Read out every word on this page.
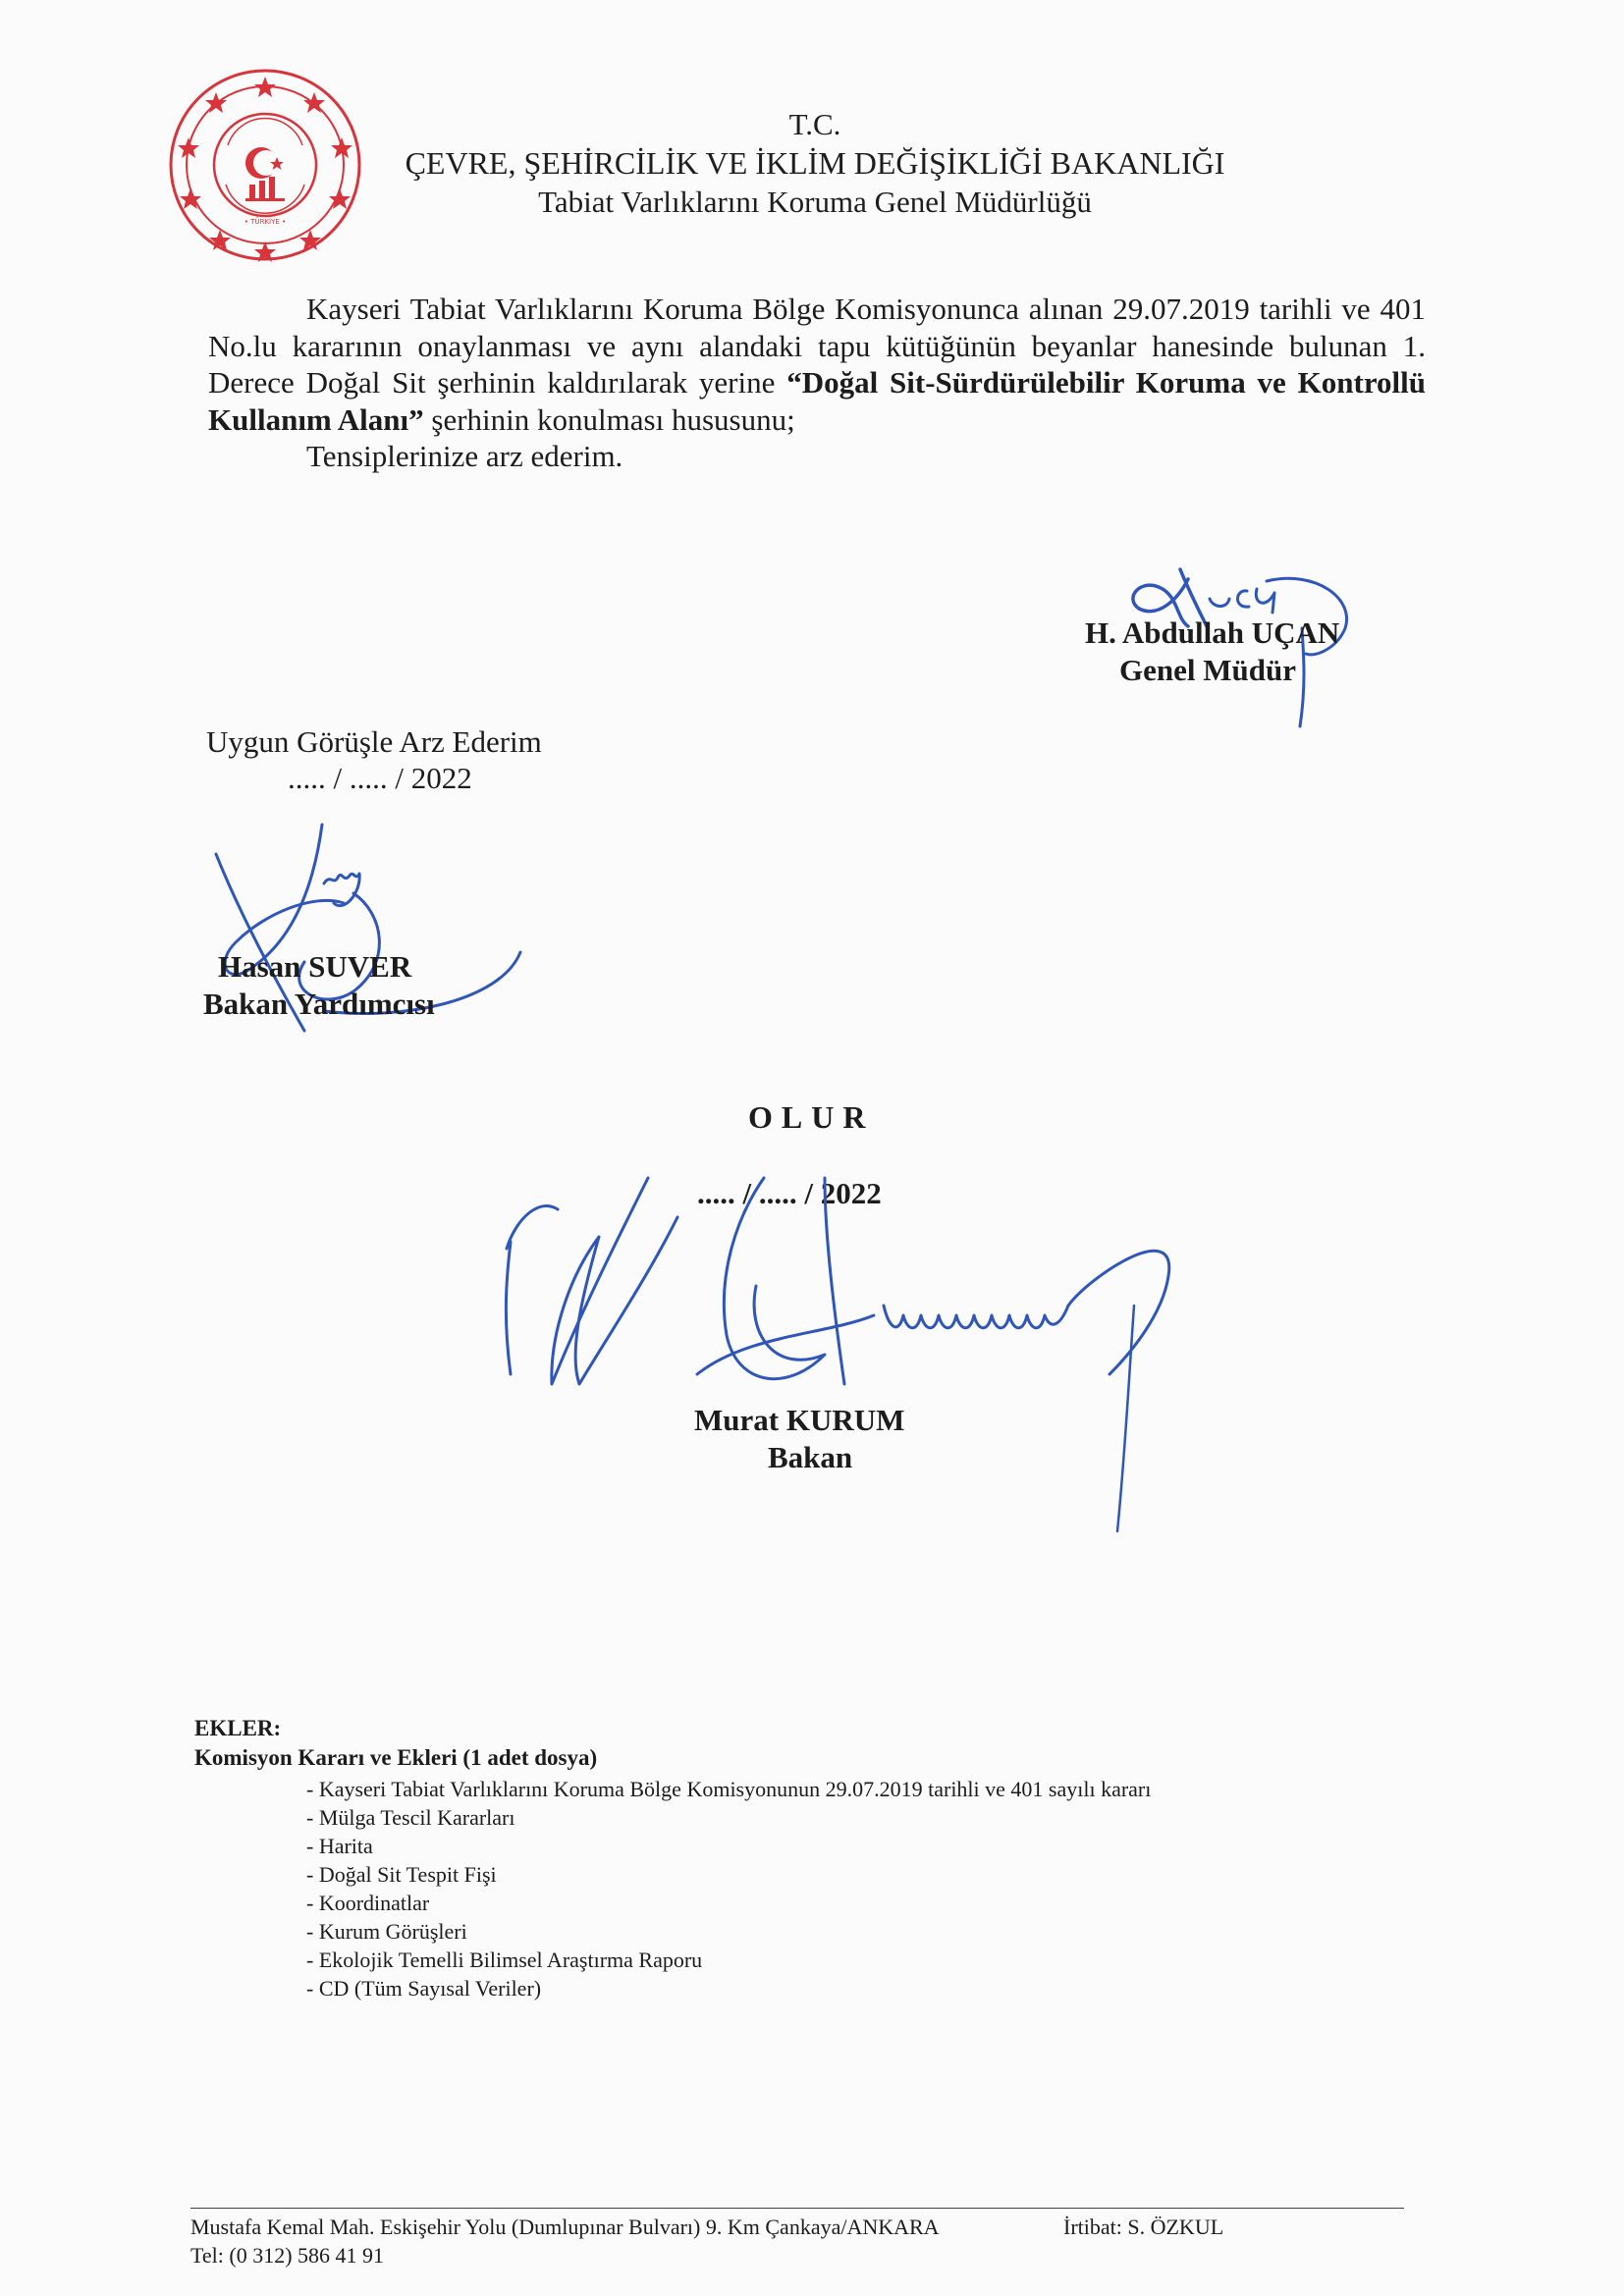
• TÜRKİYE •
T.C.
ÇEVRE, ŞEHİRCİLİK VE İKLİM DEĞİŞİKLİĞİ BAKANLIĞI
Tabiat Varlıklarını Koruma Genel Müdürlüğü

Kayseri Tabiat Varlıklarını Koruma Bölge Komisyonunca alınan 29.07.2019 tarihli ve 401 No.lu kararının onaylanması ve aynı alandaki tapu kütüğünün beyanlar hanesinde bulunan 1. Derece Doğal Sit şerhinin kaldırılarak yerine “Doğal Sit-Sürdürülebilir Koruma ve Kontrollü Kullanım Alanı” şerhinin konulması hususunu;

Tensiplerinize arz ederim.

H. Abdullah UÇAN
Genel Müdür
Uygun Görüşle Arz Ederim
..... / ..... / 2022
Hasan SUVER
Bakan Yardımcısı
OLUR
..... / ..... / 2022
Murat KURUM
Bakan
EKLER:
Komisyon Kararı ve Ekleri (1 adet dosya)
- Kayseri Tabiat Varlıklarını Koruma Bölge Komisyonunun 29.07.2019 tarihli ve 401 sayılı kararı
- Mülga Tescil Kararları
- Harita
- Doğal Sit Tespit Fişi
- Koordinatlar
- Kurum Görüşleri
- Ekolojik Temelli Bilimsel Araştırma Raporu
- CD (Tüm Sayısal Veriler)
Mustafa Kemal Mah. Eskişehir Yolu (Dumlupınar Bulvarı) 9. Km Çankaya/ANKARA	İrtibat: S. ÖZKUL
Tel: (0 312) 586 41 91
